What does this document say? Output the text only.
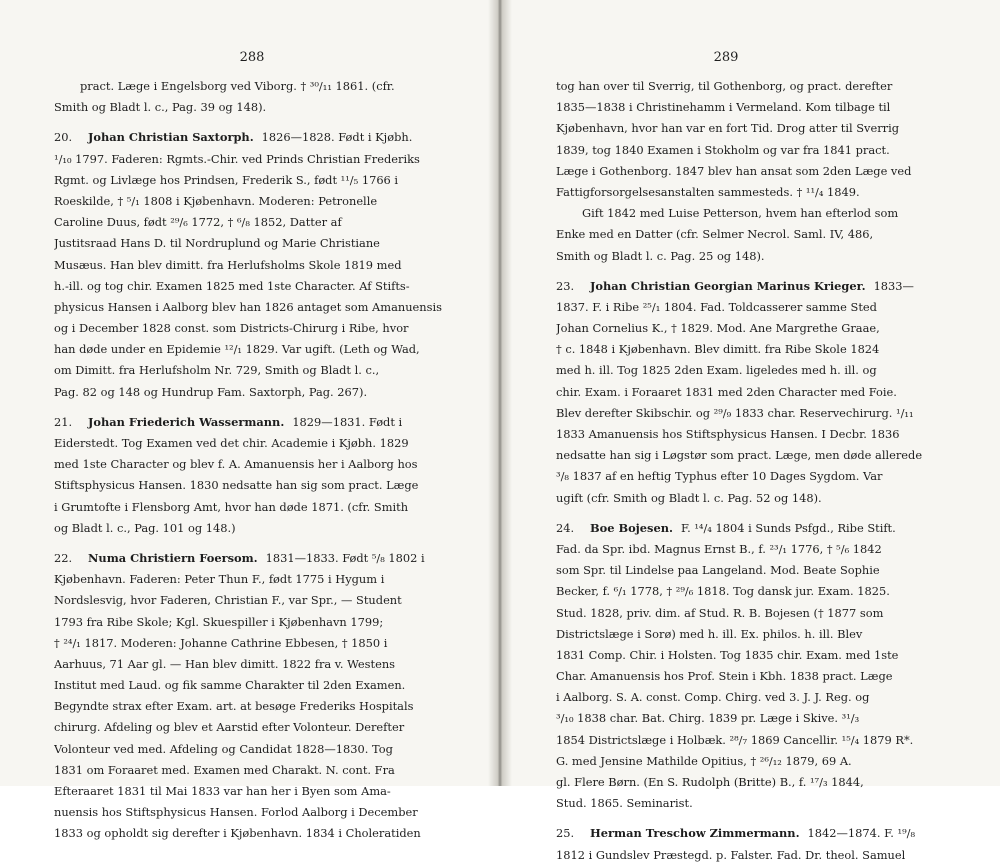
288
pract. Læge i Engelsborg ved Viborg. † ³⁰/₁₁ 1861. (cfr.
Smith og Bladt l. c., Pag. 39 og 148).
20. Johan Christian Saxtorph. 1826—1828. Født i Kjøbh.
¹/₁₀ 1797. Faderen: Rgmts.-Chir. ved Prinds Christian Frederiks
Rgmt. og Livlæge hos Prindsen, Frederik S., født ¹¹/₅ 1766 i
Roeskilde, † ⁵/₁ 1808 i Kjøbenhavn. Moderen: Petronelle
Caroline Duus, født ²⁹/₆ 1772, † ⁶/₈ 1852, Datter af
Justitsraad Hans D. til Nordruplund og Marie Christiane
Musæus. Han blev dimitt. fra Herlufsholms Skole 1819 med
h.-ill. og tog chir. Examen 1825 med 1ste Character. Af Stifts-
physicus Hansen i Aalborg blev han 1826 antaget som Amanuensis
og i December 1828 const. som Districts-Chirurg i Ribe, hvor
han døde under en Epidemie ¹²/₁ 1829. Var ugift. (Leth og Wad,
om Dimitt. fra Herlufsholm Nr. 729, Smith og Bladt l. c.,
Pag. 82 og 148 og Hundrup Fam. Saxtorph, Pag. 267).
21. Johan Friederich Wassermann. 1829—1831. Født i
Eiderstedt. Tog Examen ved det chir. Academie i Kjøbh. 1829
med 1ste Character og blev f. A. Amanuensis her i Aalborg hos
Stiftsphysicus Hansen. 1830 nedsatte han sig som pract. Læge
i Grumtofte i Flensborg Amt, hvor han døde 1871. (cfr. Smith
og Bladt l. c., Pag. 101 og 148.)
22. Numa Christiern Foersom. 1831—1833. Født ⁵/₈ 1802 i
Kjøbenhavn. Faderen: Peter Thun F., født 1775 i Hygum i
Nordslesvig, hvor Faderen, Christian F., var Spr., — Student
1793 fra Ribe Skole; Kgl. Skuespiller i Kjøbenhavn 1799;
† ²⁴/₁ 1817. Moderen: Johanne Cathrine Ebbesen, † 1850 i
Aarhuus, 71 Aar gl. — Han blev dimitt. 1822 fra v. Westens
Institut med Laud. og fik samme Charakter til 2den Examen.
Begyndte strax efter Exam. art. at besøge Frederiks Hospitals
chirurg. Afdeling og blev et Aarstid efter Volonteur. Derefter
Volonteur ved med. Afdeling og Candidat 1828—1830. Tog
1831 om Foraaret med. Examen med Charakt. N. cont. Fra
Efteraaret 1831 til Mai 1833 var han her i Byen som Ama-
nuensis hos Stiftsphysicus Hansen. Forlod Aalborg i December
1833 og opholdt sig derefter i Kjøbenhavn. 1834 i Choleratiden
289
tog han over til Sverrig, til Gothenborg, og pract. derefter
1835—1838 i Christinehamm i Vermeland. Kom tilbage til
Kjøbenhavn, hvor han var en fort Tid. Drog atter til Sverrig
1839, tog 1840 Examen i Stokholm og var fra 1841 pract.
Læge i Gothenborg. 1847 blev han ansat som 2den Læge ved
Fattigforsorgelsesanstalten sammesteds. † ¹¹/₄ 1849.
Gift 1842 med Luise Petterson, hvem han efterlod som
Enke med en Datter (cfr. Selmer Necrol. Saml. IV, 486,
Smith og Bladt l. c. Pag. 25 og 148).
23. Johan Christian Georgian Marinus Krieger. 1833—
1837. F. i Ribe ²⁵/₁ 1804. Fad. Toldcasserer samme Sted
Johan Cornelius K., † 1829. Mod. Ane Margrethe Graae,
† c. 1848 i Kjøbenhavn. Blev dimitt. fra Ribe Skole 1824
med h. ill. Tog 1825 2den Exam. ligeledes med h. ill. og
chir. Exam. i Foraaret 1831 med 2den Character med Foie.
Blev derefter Skibschir. og ²⁹/₉ 1833 char. Reservechirurg. ¹/₁₁
1833 Amanuensis hos Stiftsphysicus Hansen. I Decbr. 1836
nedsatte han sig i Løgstør som pract. Læge, men døde allerede
³/₈ 1837 af en heftig Typhus efter 10 Dages Sygdom. Var
ugift (cfr. Smith og Bladt l. c. Pag. 52 og 148).
24. Boe Bojesen. F. ¹⁴/₄ 1804 i Sunds Psfgd., Ribe Stift.
Fad. da Spr. ibd. Magnus Ernst B., f. ²³/₁ 1776, † ⁵/₆ 1842
som Spr. til Lindelse paa Langeland. Mod. Beate Sophie
Becker, f. ⁶/₁ 1778, † ²⁹/₆ 1818. Tog dansk jur. Exam. 1825.
Stud. 1828, priv. dim. af Stud. R. B. Bojesen († 1877 som
Districtslæge i Sorø) med h. ill. Ex. philos. h. ill. Blev
1831 Comp. Chir. i Holsten. Tog 1835 chir. Exam. med 1ste
Char. Amanuensis hos Prof. Stein i Kbh. 1838 pract. Læge
i Aalborg. S. A. const. Comp. Chirg. ved 3. J. J. Reg. og
³/₁₀ 1838 char. Bat. Chirg. 1839 pr. Læge i Skive. ³¹/₃
1854 Districtslæge i Holbæk. ²⁸/₇ 1869 Cancellir. ¹⁵/₄ 1879 R*.
G. med Jensine Mathilde Opitius, † ²⁶/₁₂ 1879, 69 A.
gl. Flere Børn. (En S. Rudolph (Britte) B., f. ¹⁷/₃ 1844,
Stud. 1865. Seminarist.
25. Herman Treschow Zimmermann. 1842—1874. F. ¹⁹/₈
1812 i Gundslev Præstegd. p. Falster. Fad. Dr. theol. Samuel
